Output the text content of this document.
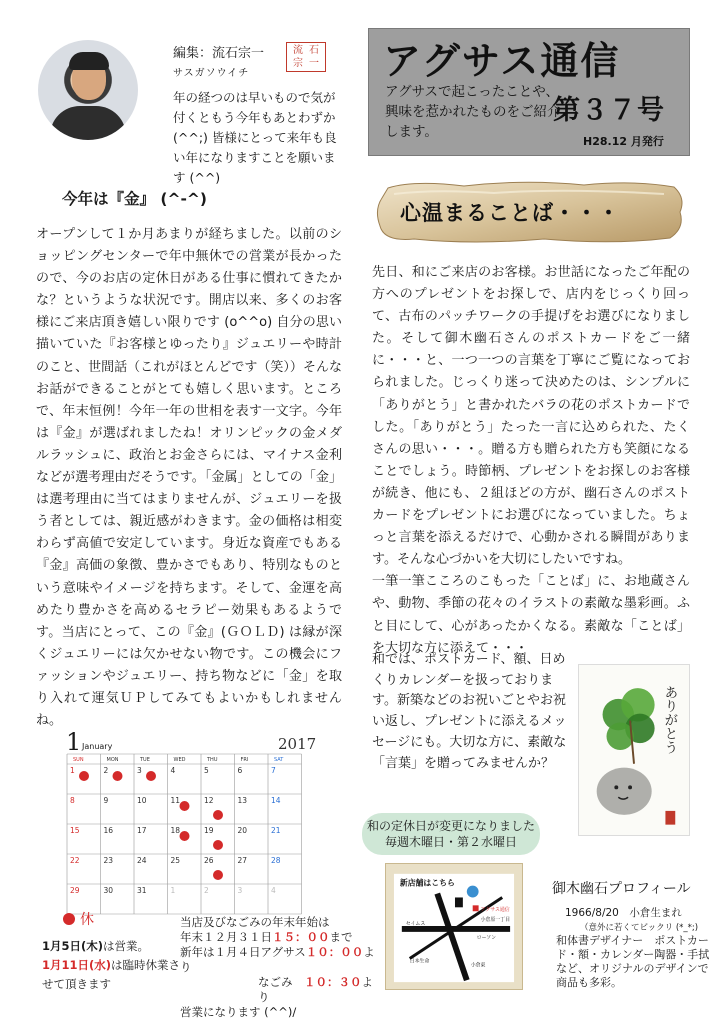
編集：流石宗一
サスガソウイチ
流 石
宗 一
年の経つのは早いもので気が付くともう今年もあとわずか (^^;) 皆様にとって来年も良い年になりますことを願います (^^)
アグサス通信
アグサスで起こったことや、興味を惹かれたものをご紹介します。
第３７号
H28.12 月発行
今年は『金』 (^-^)
オープンして１か月あまりが経ちました。以前のショッピングセンターで年中無休での営業が長かったので、今のお店の定休日がある仕事に慣れてきたかな？というような状況です。開店以来、多くのお客様にご来店頂き嬉しい限りです (o^^o) 自分の思い描いていた『お客様とゆったり』ジュエリーや時計のこと、世間話（これがほとんどです（笑））そんなお話ができることがとても嬉しく思います。ところで、年末恒例！今年一年の世相を表す一文字。今年は『金』が選ばれましたね！オリンピックの金メダルラッシュに、政治とお金さらには、マイナス金利などが選考理由だそうです。「金属」としての「金」は選考理由に当てはまりませんが、ジュエリーを扱う者としては、親近感がわきます。金の価格は相変わらず高値で安定しています。身近な資産でもある『金』高価の象徴、豊かさでもあり、特別なものという意味やイメージを持ちます。そして、金運を高めたり豊かさを高めるセラピー効果もあるようです。当店にとって、この『金』(ＧＯＬＤ) は縁が深くジュエリーには欠かせない物です。この機会にファッションやジュエリー、持ち物などに「金」を取り入れて運気ＵＰしてみてもよいかもしれませんね。
心温まることば・・・
先日、和にご来店のお客様。お世話になったご年配の方へのプレゼントをお探しで、店内をじっくり回って、古布のパッチワークの手提げをお選びになりました。そして御木幽石さんのポストカードをご一緒に・・・と、一つ一つの言葉を丁寧にご覧になっておられました。じっくり迷って決めたのは、シンプルに「ありがとう」と書かれたバラの花のポストカードでした。「ありがとう」たった一言に込められた、たくさんの思い・・・。贈る方も贈られた方も笑顔になることでしょう。時節柄、プレゼントをお探しのお客様が続き、他にも、２組ほどの方が、幽石さんのポストカードをプレゼントにお選びになっていました。ちょっと言葉を添えるだけで、心動かされる瞬間があります。そんな心づかいを大切にしたいですね。
一筆一筆こころのこもった「ことば」に、お地蔵さんや、動物、季節の花々のイラストの素敵な墨彩画。ふと目にして、心があったかくなる。素敵な「ことば」を大切な方に添えて・・・
和では、ポストカード、額、日めくりカレンダーを扱っております。新築などのお祝いごとやお祝い返し、プレゼントに添えるメッセージにも。大切な方に、素敵な「言葉」を贈ってみませんか？
ありがとう
和の定休日が変更になりました
毎週木曜日・第２水曜日
新店舗はこちら
アグサス通信
セイムス
ローソン
日本生命
小倉東
小倉原一丁目
御木幽石プロフィール
1966/8/20　小倉生まれ
（意外に若くてビックリ (*_*;)
和体書デザイナー　ポストカード・額・カレンダー陶器・手拭など、オリジナルのデザインで商品も多彩。
1 January	2017
SUN	MON	TUE	WED	THU	FRI	SAT
1	2	3	4	5	6	7
8	9	10	11	12	13	14
15	16	17	18	19	20	21
22	23	24	25	26	27	28
29	30	31	1	2	3	4
休
1月5日(木)は営業。
1月11日(水)は臨時休業させて頂きます
当店及びなごみの年末年始は
年末１２月３１日１５：００まで
新年は１月４日アグサス１０：００より
なごみ　 １０：３０より
営業になります (^^)/
